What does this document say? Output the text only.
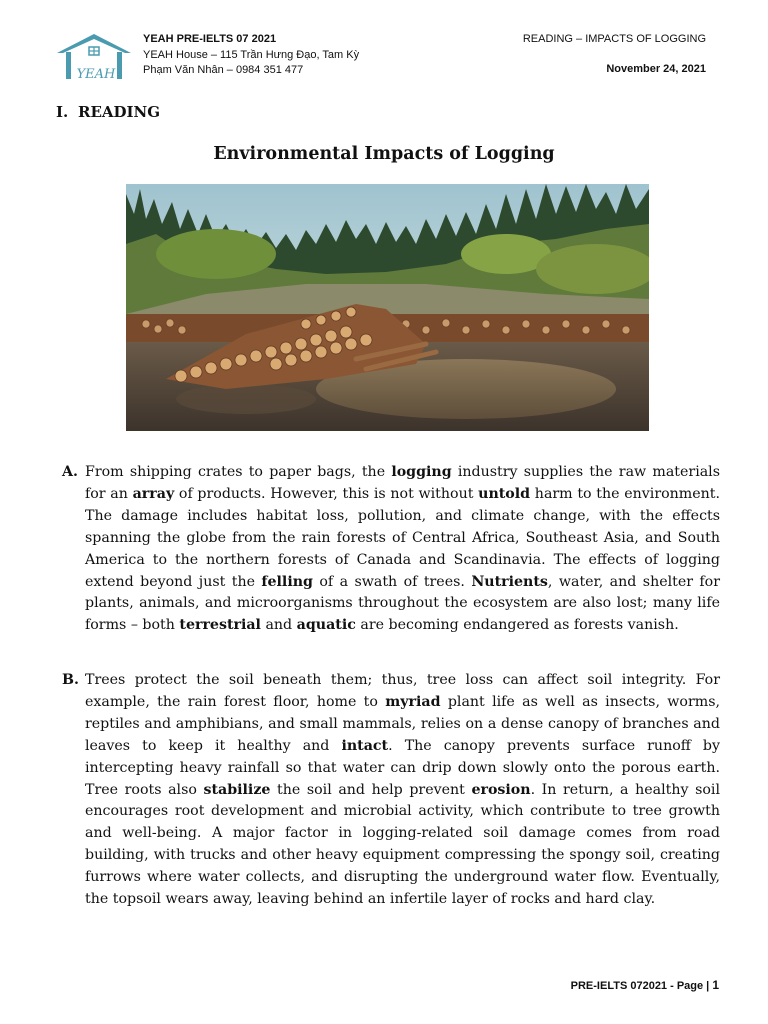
YEAH
YEAH PRE-IELTS 07 2021
YEAH House – 115 Trần Hưng Đạo, Tam Kỳ
Phạm Văn Nhân – 0984 351 477
READING – IMPACTS OF LOGGING
November 24, 2021
I. READING
Environmental Impacts of Logging
A. From shipping crates to paper bags, the logging industry supplies the raw materials for an array of products. However, this is not without untold harm to the environment. The damage includes habitat loss, pollution, and climate change, with the effects spanning the globe from the rain forests of Central Africa, Southeast Asia, and South America to the northern forests of Canada and Scandinavia. The effects of logging extend beyond just the felling of a swath of trees. Nutrients, water, and shelter for plants, animals, and microorganisms throughout the ecosystem are also lost; many life forms – both terrestrial and aquatic are becoming endangered as forests vanish.
B. Trees protect the soil beneath them; thus, tree loss can affect soil integrity. For example, the rain forest floor, home to myriad plant life as well as insects, worms, reptiles and amphibians, and small mammals, relies on a dense canopy of branches and leaves to keep it healthy and intact. The canopy prevents surface runoff by intercepting heavy rainfall so that water can drip down slowly onto the porous earth. Tree roots also stabilize the soil and help prevent erosion. In return, a healthy soil encourages root development and microbial activity, which contribute to tree growth and well-being. A major factor in logging-related soil damage comes from road building, with trucks and other heavy equipment compressing the spongy soil, creating furrows where water collects, and disrupting the underground water flow. Eventually, the topsoil wears away, leaving behind an infertile layer of rocks and hard clay.
PRE-IELTS 072021 - Page | 1
